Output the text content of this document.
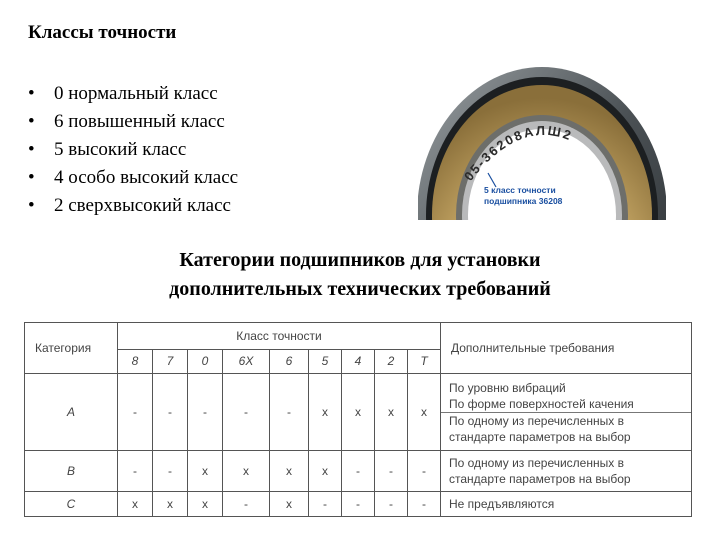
Классы точности
•	0 нормальный класс
•	6 повышенный класс
•	5 высокий класс
•	4 особо высокий класс
•	2 сверхвысокий класс
05-36208АЛШ2
5 класс точности
подшипника 36208
Категории подшипников для установки
дополнительных технических требований
Категория	Класс точности									Дополнительные требования
	8	7	0	6X	6	5	4	2	Т	
А	-	-	-	-	-	х	х	х	х	По уровню вибраций
По форме поверхностей качения
По одному из перечисленных в
стандарте параметров на выбор

В	-	-	х	х	х	х	-	-	-	По одному из перечисленных в
стандарте параметров на выбор

С	х	х	х	-	х	-	-	-	-	Не предъявляются
